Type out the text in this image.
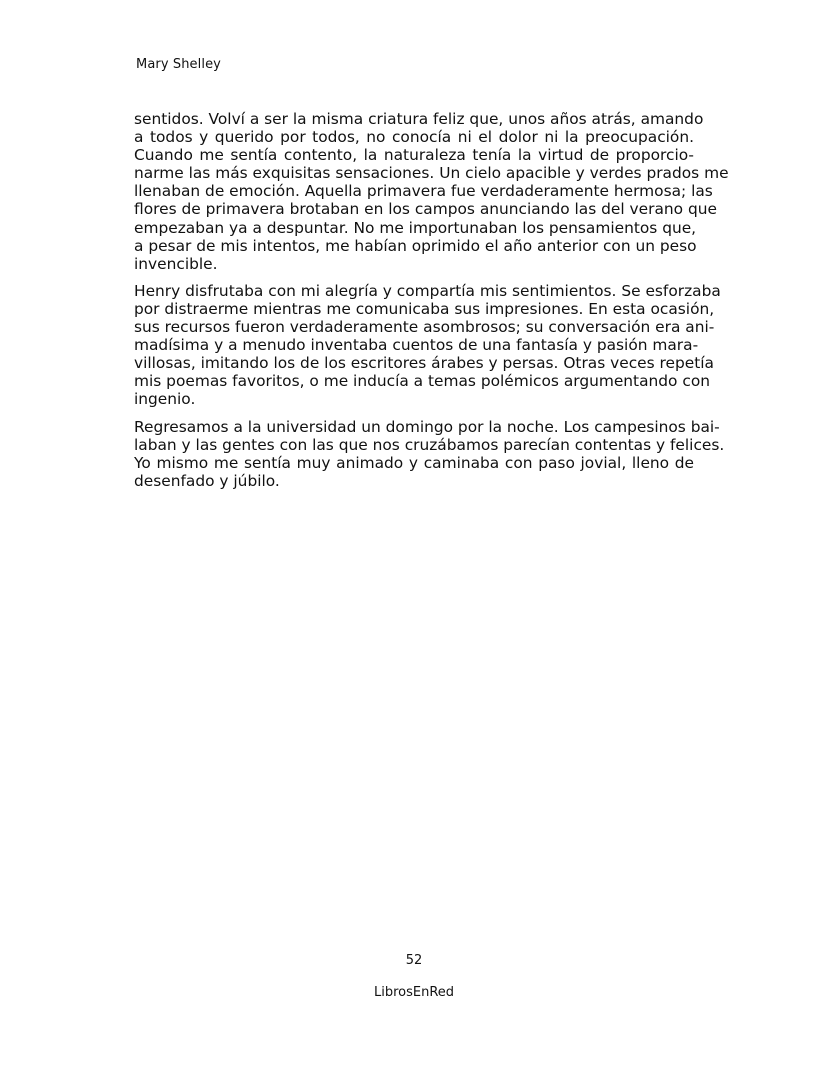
Mary Shelley

sentidos. Volví a ser la misma criatura feliz que, unos años atrás, amando
a todos y querido por todos, no conocía ni el dolor ni la preocupación.
Cuando me sentía contento, la naturaleza tenía la virtud de proporcio-
narme las más exquisitas sensaciones. Un cielo apacible y verdes prados me
llenaban de emoción. Aquella primavera fue verdaderamente hermosa; las
flores de primavera brotaban en los campos anunciando las del verano que
empezaban ya a despuntar. No me importunaban los pensamientos que,
a pesar de mis intentos, me habían oprimido el año anterior con un peso
invencible.

Henry disfrutaba con mi alegría y compartía mis sentimientos. Se esforzaba
por distraerme mientras me comunicaba sus impresiones. En esta ocasión,
sus recursos fueron verdaderamente asombrosos; su conversación era ani-
madísima y a menudo inventaba cuentos de una fantasía y pasión mara-
villosas, imitando los de los escritores árabes y persas. Otras veces repetía
mis poemas favoritos, o me inducía a temas polémicos argumentando con
ingenio.

Regresamos a la universidad un domingo por la noche. Los campesinos bai-
laban y las gentes con las que nos cruzábamos parecían contentas y felices.
Yo mismo me sentía muy animado y caminaba con paso jovial, lleno de
desenfado y júbilo.

52
LibrosEnRed
